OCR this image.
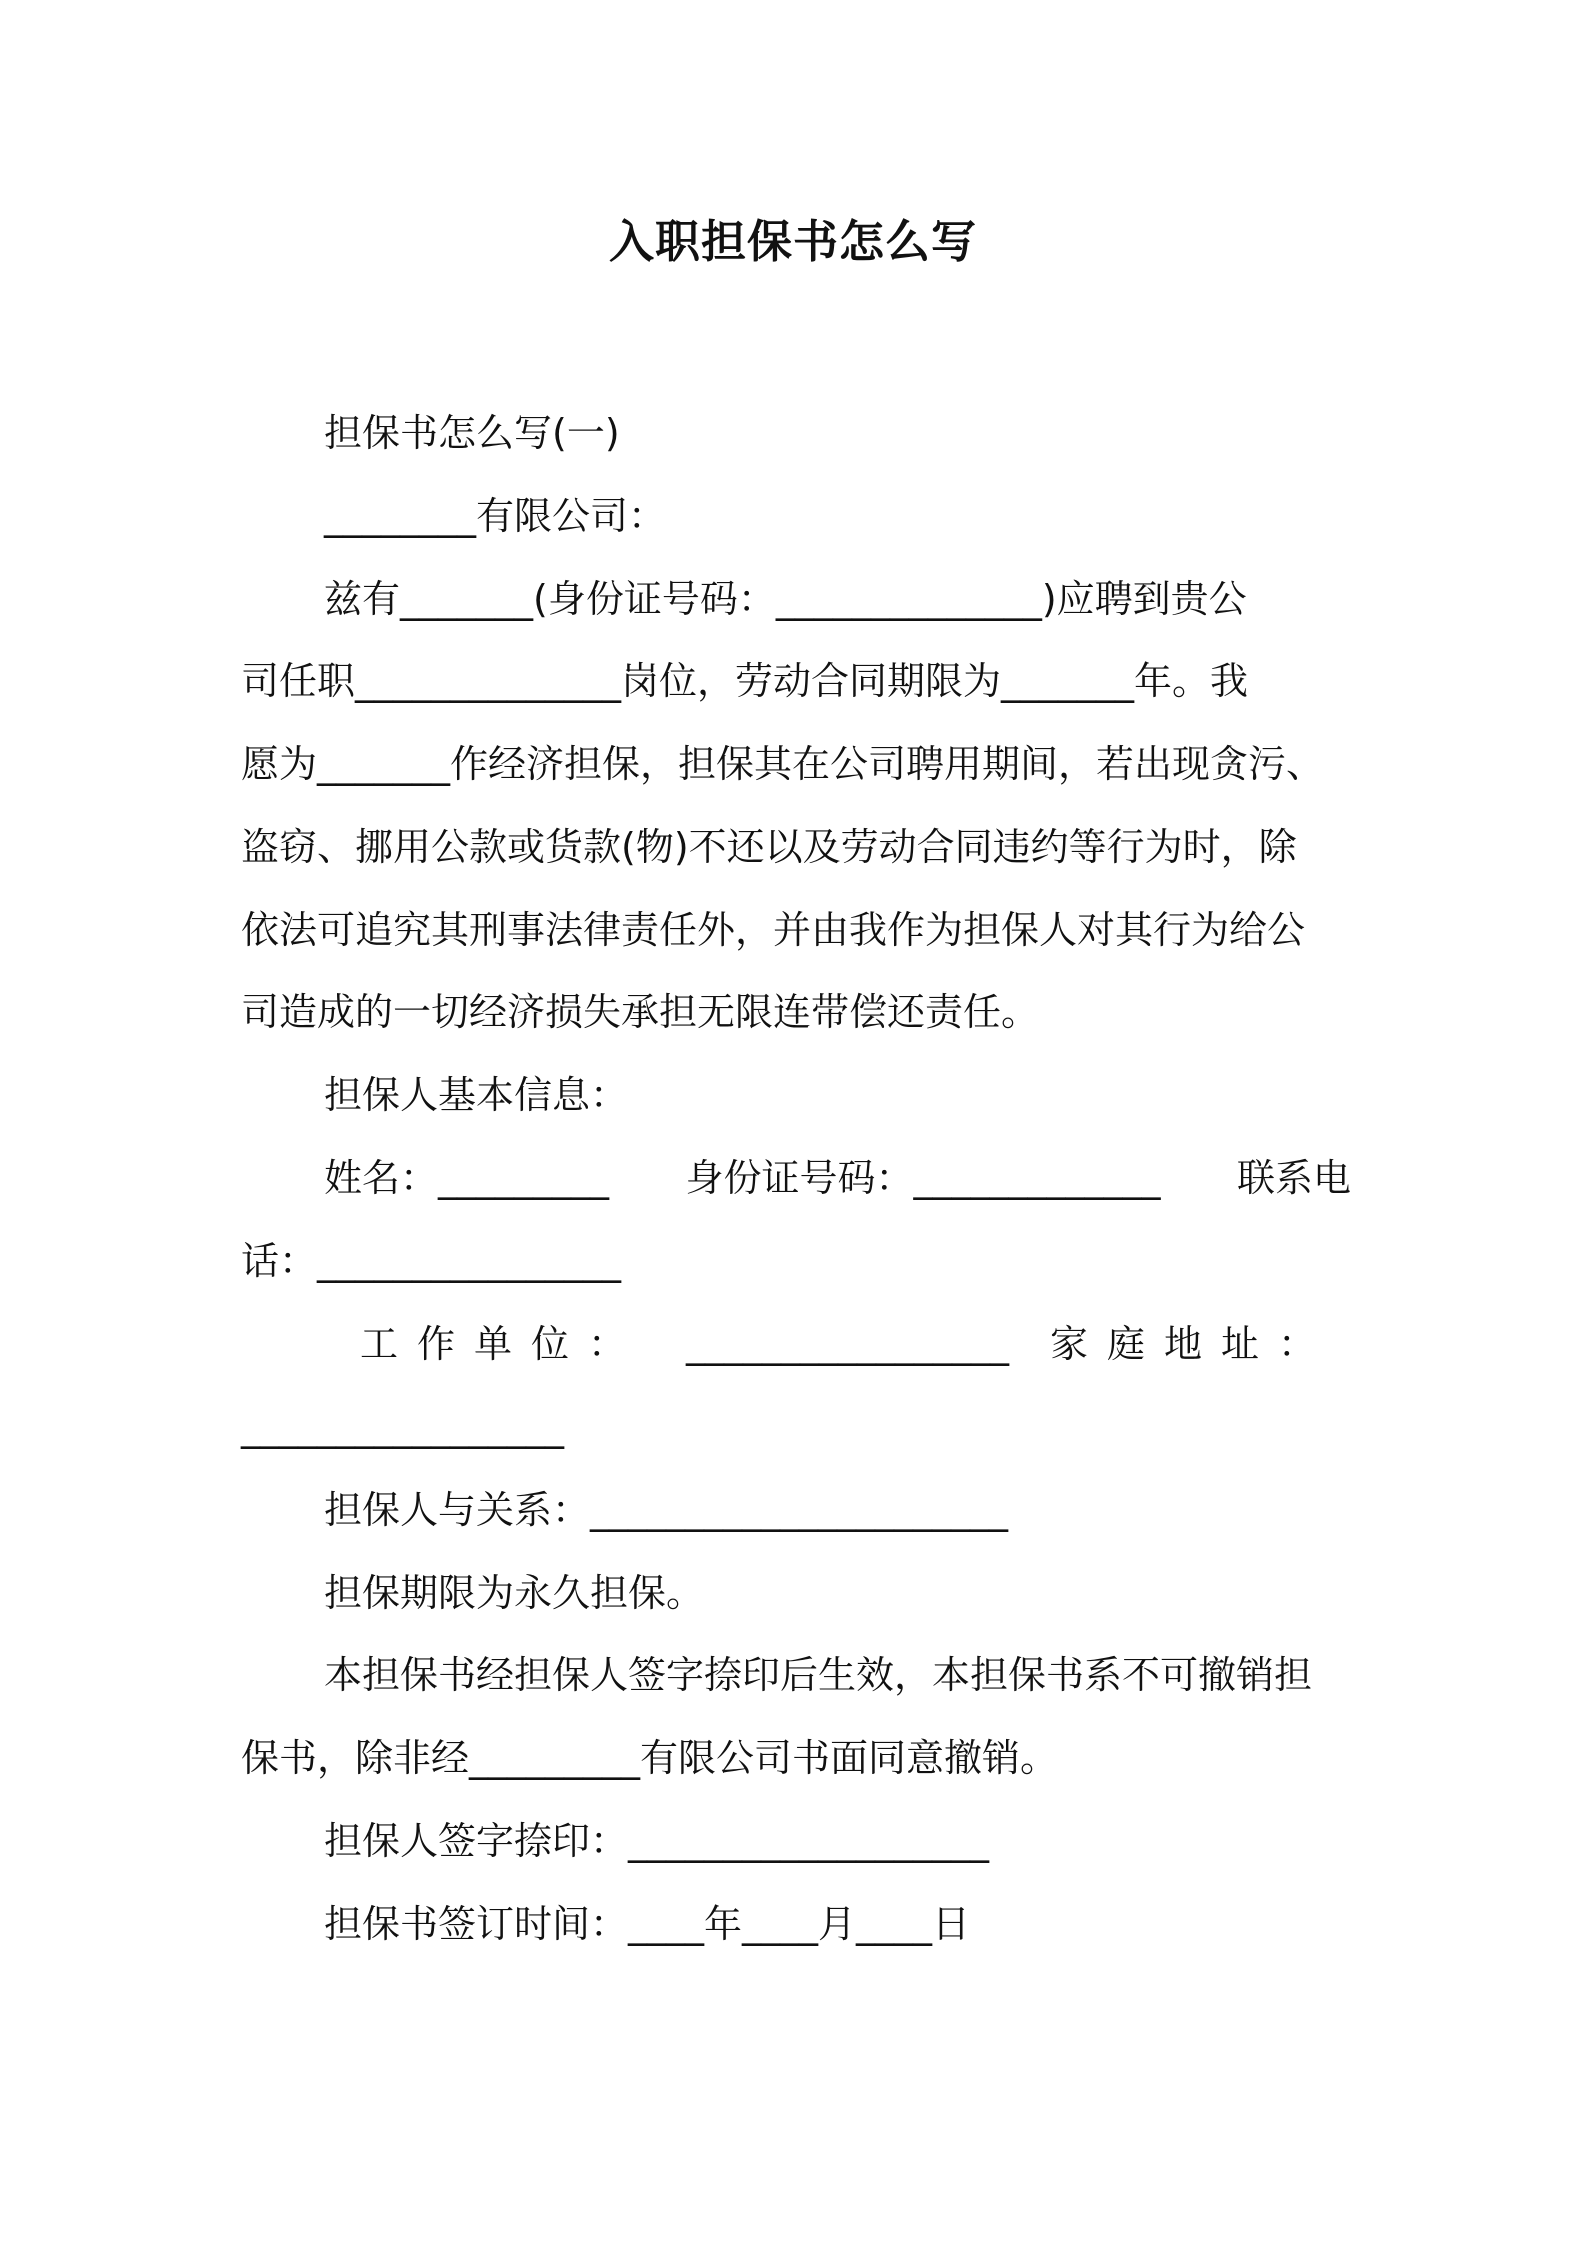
入职担保书怎么写
担保书怎么写(一)
________有限公司：
兹有_______(身份证号码：______________)应聘到贵公
司任职______________岗位，劳动合同期限为_______年。我
愿为_______作经济担保，担保其在公司聘用期间，若出现贪污、
盗窃、挪用公款或货款(物)不还以及劳动合同违约等行为时，除
依法可追究其刑事法律责任外，并由我作为担保人对其行为给公
司造成的一切经济损失承担无限连带偿还责任。
担保人基本信息：
姓名：_________ 身份证号码：_____________ 联系电
话：________________
工作单位： _________________ 家庭地址：
_________________
担保人与关系：______________________
担保期限为永久担保。
本担保书经担保人签字捺印后生效，本担保书系不可撤销担
保书，除非经_________有限公司书面同意撤销。
担保人签字捺印：___________________
担保书签订时间：____年____月____日
